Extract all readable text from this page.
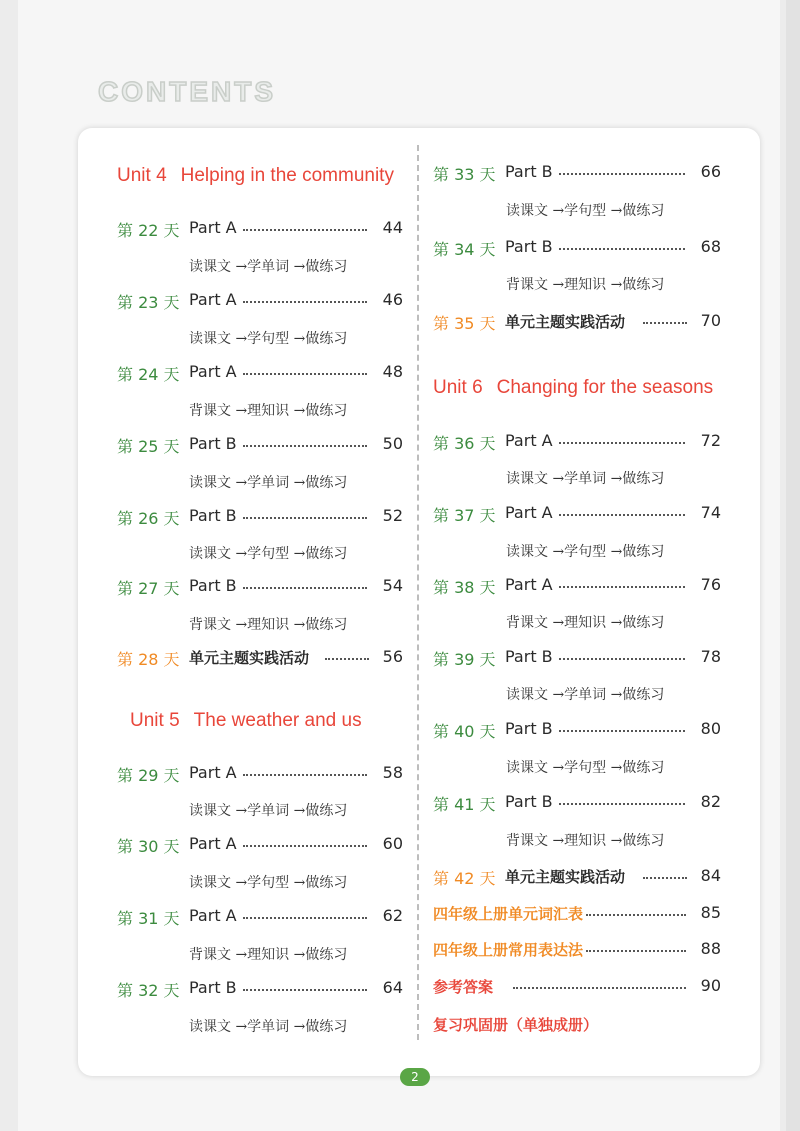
CONTENTS
Unit 4 Helping in the community
第 22 天 Part A	44
读课文 →学单词 →做练习
第 23 天 Part A	46
读课文 →学句型 →做练习
第 24 天 Part A	48
背课文 →理知识 →做练习
第 25 天 Part B	50
读课文 →学单词 →做练习
第 26 天 Part B	52
读课文 →学句型 →做练习
第 27 天 Part B	54
背课文 →理知识 →做练习
第 28 天 单元主题实践活动	56
Unit 5 The weather and us
第 29 天 Part A	58
读课文 →学单词 →做练习
第 30 天 Part A	60
读课文 →学句型 →做练习
第 31 天 Part A	62
背课文 →理知识 →做练习
第 32 天 Part B	64
读课文 →学单词 →做练习
第 33 天 Part B	66
读课文 →学句型 →做练习
第 34 天 Part B	68
背课文 →理知识 →做练习
第 35 天 单元主题实践活动	70
Unit 6 Changing for the seasons
第 36 天 Part A	72
读课文 →学单词 →做练习
第 37 天 Part A	74
读课文 →学句型 →做练习
第 38 天 Part A	76
背课文 →理知识 →做练习
第 39 天 Part B	78
读课文 →学单词 →做练习
第 40 天 Part B	80
读课文 →学句型 →做练习
第 41 天 Part B	82
背课文 →理知识 →做练习
第 42 天 单元主题实践活动	84
四年级上册单元词汇表	85
四年级上册常用表达法	88
参考答案	90
复习巩固册（单独成册）
2
